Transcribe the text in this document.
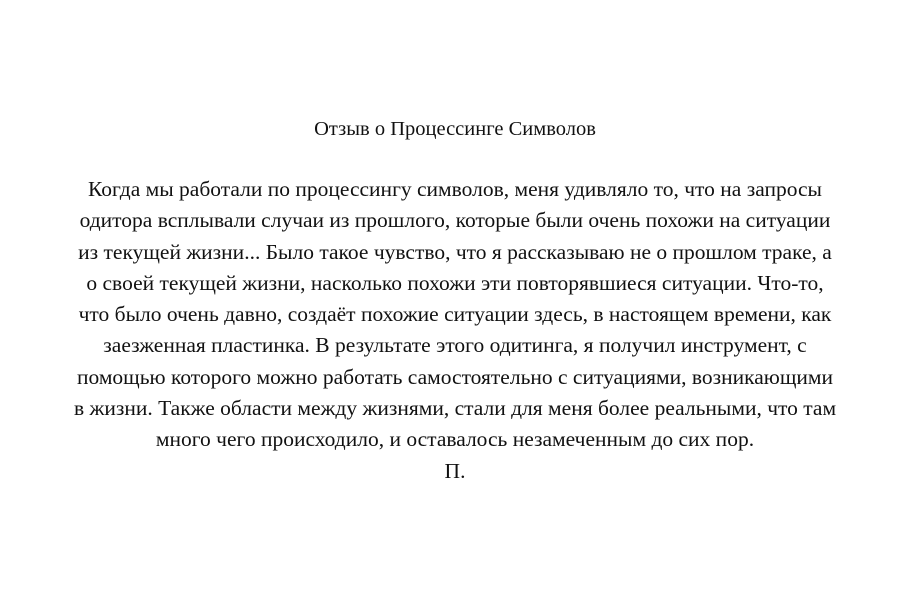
Отзыв о Процессинге Символов
Когда мы работали по процессингу символов, меня удивляло то, что на запросы
одитора всплывали случаи из прошлого, которые были очень похожи на ситуации
из текущей жизни... Было такое чувство, что я рассказываю не о прошлом траке, а
о своей текущей жизни, насколько похожи эти повторявшиеся ситуации. Что-то,
что было очень давно, создаёт похожие ситуации здесь, в настоящем времени, как
заезженная пластинка. В результате этого одитинга, я получил инструмент, с
помощью которого можно работать самостоятельно с ситуациями, возникающими
в жизни. Также области между жизнями, стали для меня более реальными, что там
много чего происходило, и оставалось незамеченным до сих пор.
П.
